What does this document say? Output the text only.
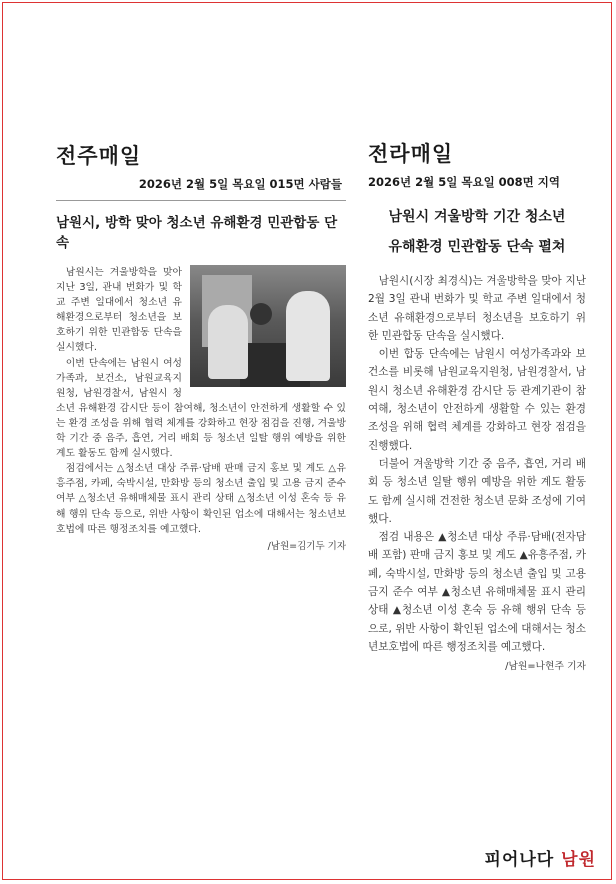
전주매일
2026년 2월 5일 목요일 015면 사람들
남원시, 방학 맞아 청소년 유해환경 민관합동 단속

남원시는 겨울방학을 맞아 지난 3일, 관내 번화가 및 학교 주변 일대에서 청소년 유해환경으로부터 청소년을 보호하기 위한 민관합동 단속을 실시했다.

이번 단속에는 남원시 여성가족과, 보건소, 남원교육지원청, 남원경찰서, 남원시 청소년 유해환경 감시단 등이 참여해, 청소년이 안전하게 생활할 수 있는 환경 조성을 위해 협력 체계를 강화하고 현장 점검을 진행, 겨울방학 기간 중 음주, 흡연, 거리 배회 등 청소년 일탈 행위 예방을 위한 계도 활동도 함께 실시했다.

점검에서는 △청소년 대상 주류·담배 판매 금지 홍보 및 계도 △유흥주점, 카페, 숙박시설, 만화방 등의 청소년 출입 및 고용 금지 준수 여부 △청소년 유해매체물 표시 관리 상태 △청소년 이성 혼숙 등 유해 행위 단속 등으로, 위반 사항이 확인된 업소에 대해서는 청소년보호법에 따른 행정조치를 예고했다.

/남원=김기두 기자
전라매일
2026년 2월 5일 목요일 008면 지역
남원시 겨울방학 기간 청소년
유해환경 민관합동 단속 펼쳐

남원시(시장 최경식)는 겨울방학을 맞아 지난 2월 3일 관내 번화가 및 학교 주변 일대에서 청소년 유해환경으로부터 청소년을 보호하기 위한 민관합동 단속을 실시했다.

이번 합동 단속에는 남원시 여성가족과와 보건소를 비롯해 남원교육지원청, 남원경찰서, 남원시 청소년 유해환경 감시단 등 관계기관이 참여해, 청소년이 안전하게 생활할 수 있는 환경 조성을 위해 협력 체계를 강화하고 현장 점검을 진행했다.

더불어 겨울방학 기간 중 음주, 흡연, 거리 배회 등 청소년 일탈 행위 예방을 위한 계도 활동도 함께 실시해 건전한 청소년 문화 조성에 기여했다.

점검 내용은 ▲청소년 대상 주류·담배(전자담배 포함) 판매 금지 홍보 및 계도 ▲유흥주점, 카페, 숙박시설, 만화방 등의 청소년 출입 및 고용 금지 준수 여부 ▲청소년 유해매체물 표시 관리 상태 ▲청소년 이성 혼숙 등 유해 행위 단속 등으로, 위반 사항이 확인된 업소에 대해서는 청소년보호법에 따른 행정조치를 예고했다.

/남원=나현주 기자
피어나다 남원
